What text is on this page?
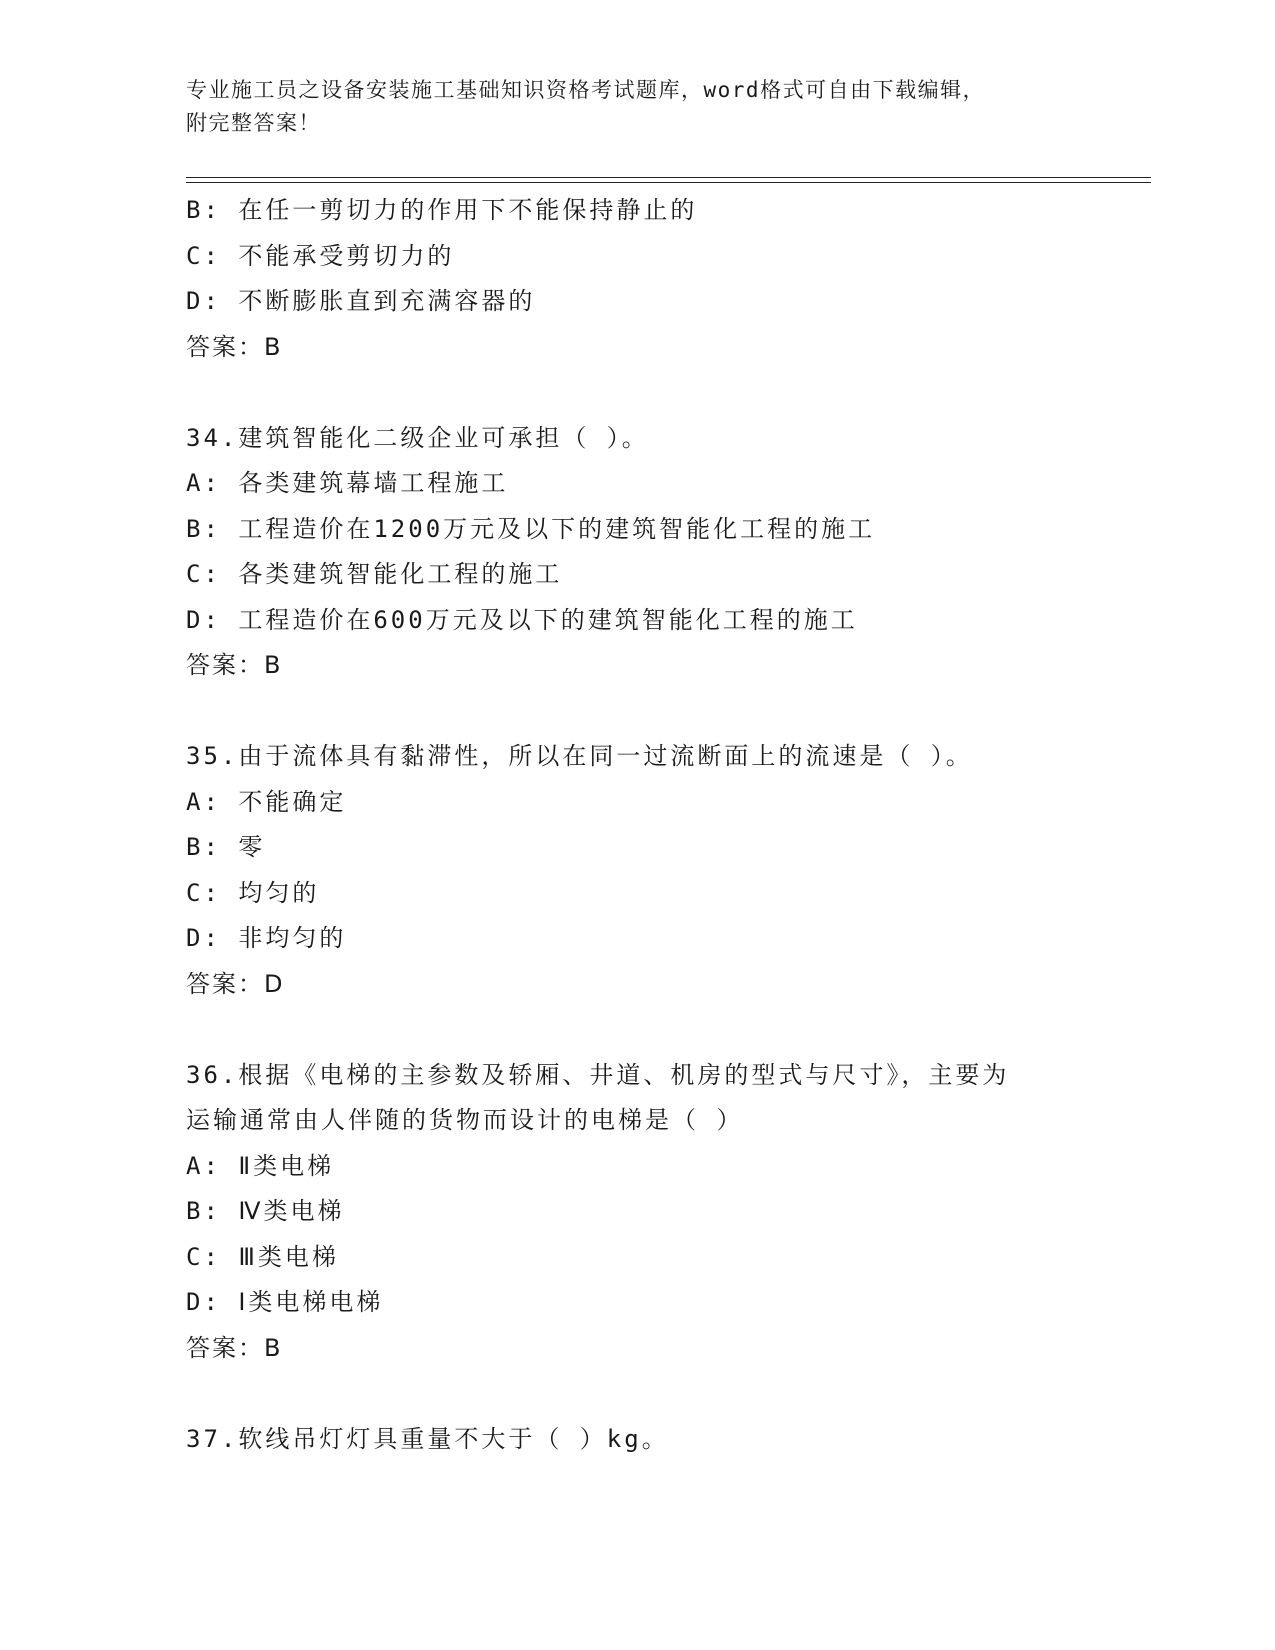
专业施工员之设备安装施工基础知识资格考试题库，word格式可自由下载编辑，
附完整答案！
B: 在任一剪切力的作用下不能保持静止的
C: 不能承受剪切力的
D: 不断膨胀直到充满容器的
答案：B
34.建筑智能化二级企业可承担（ ）。
A: 各类建筑幕墙工程施工
B: 工程造价在1200万元及以下的建筑智能化工程的施工
C: 各类建筑智能化工程的施工
D: 工程造价在600万元及以下的建筑智能化工程的施工
答案：B
35.由于流体具有黏滞性，所以在同一过流断面上的流速是（ ）。
A: 不能确定
B: 零
C: 均匀的
D: 非均匀的
答案：D
36.根据《电梯的主参数及轿厢、井道、机房的型式与尺寸》，主要为
运输通常由人伴随的货物而设计的电梯是（ ）
A: Ⅱ类电梯
B: Ⅳ类电梯
C: Ⅲ类电梯
D: Ⅰ类电梯电梯
答案：B
37.软线吊灯灯具重量不大于（ ）kg。
